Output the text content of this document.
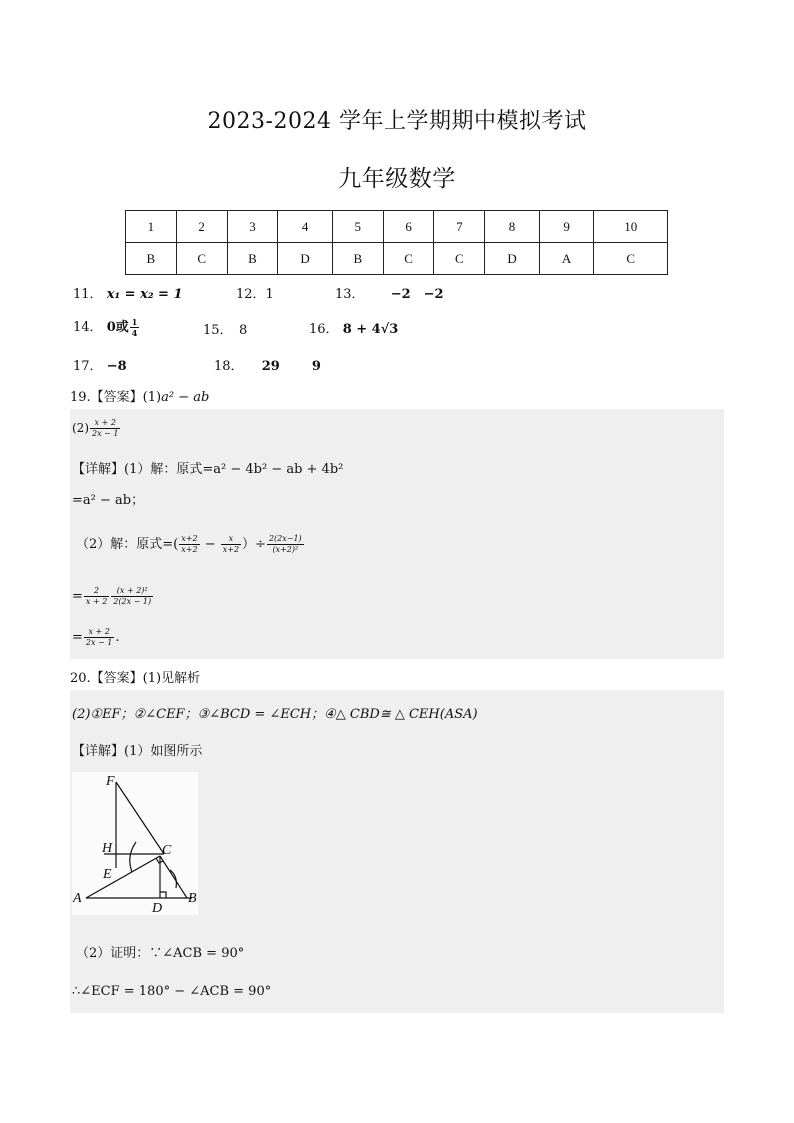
2023-2024 学年上学期期中模拟考试
九年级数学
1	2	3	4	5	6	7	8	9	10
B	C	B	D	B	C	C	D	A	C
11． x₁ = x₂ = 1	12．1	13． −2　−2
14． 0或 $\frac{1}{4}$	15．　8	16． 8 + 4√3
17． −8	18． 29 9
19.【答案】(1)a² − ab
$(2) \frac{x + 2}{2x - 1}$
【详解】(1）解：原式=a² − 4b² − ab + 4b²
=a² − ab；
（2）解：原式=( $\frac{x+2}{x+2} - \frac{x}{x+2}$ ）÷ $\frac{2(2x-1)}{\text{(x+2)²}}$
= $\frac{2}{x + 2} \frac{\text{(x + 2)²}}{2(2x - 1)}$
= $\frac{x + 2}{2x - 1}$ .
20.【答案】(1)见解析
(2)①EF；②∠CEF；③∠BCD = ∠ECH；④△ CBD≅ △ CEH(ASA)
【详解】(1）如图所示
F
H	C
E
A
D
B
（2）证明：∵∠ACB = 90°
∴∠ECF = 180° − ∠ACB = 90°
